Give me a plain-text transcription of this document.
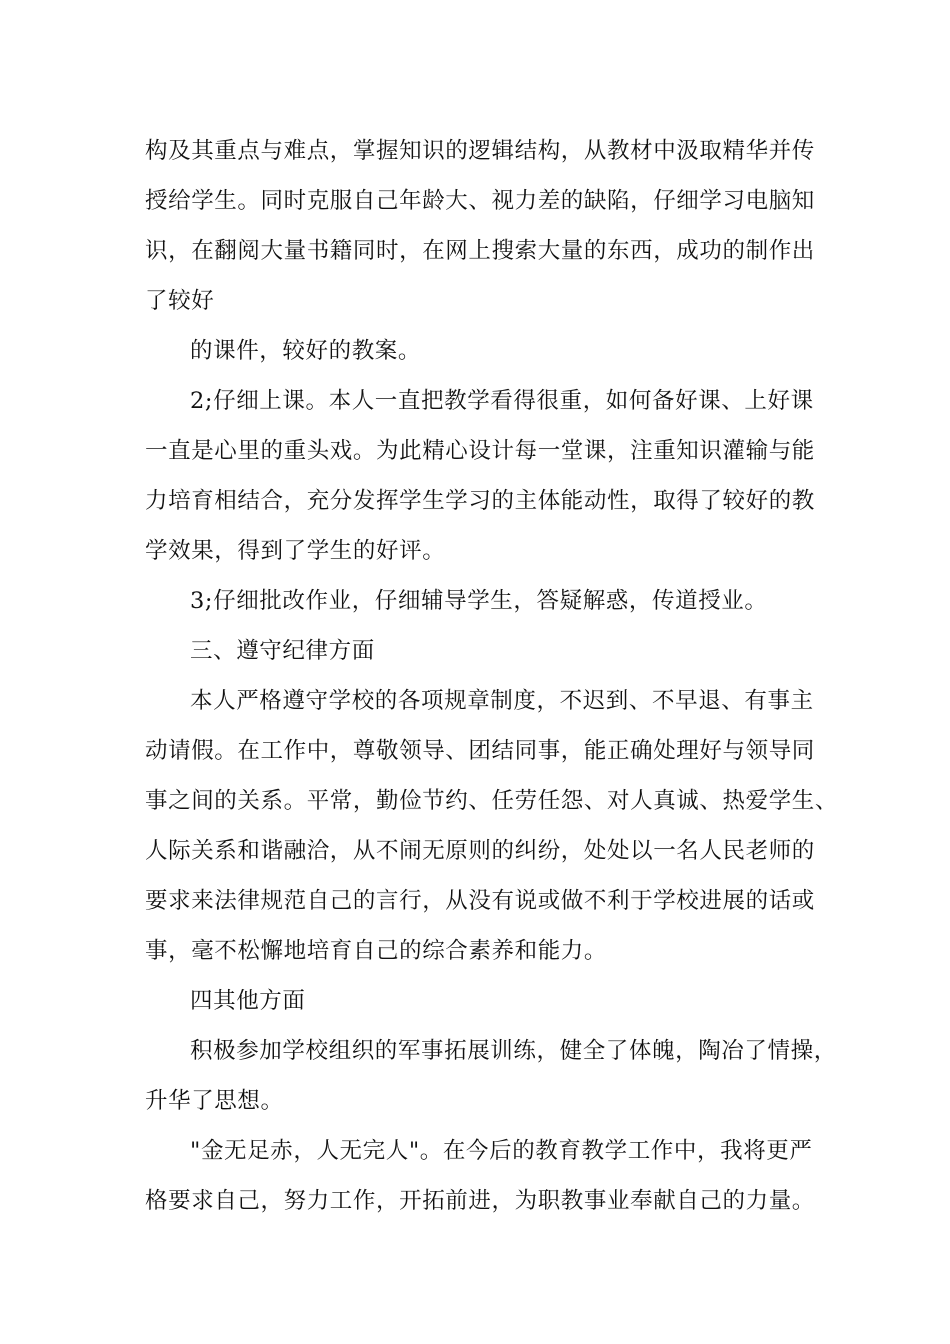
构及其重点与难点，掌握知识的逻辑结构，从教材中汲取精华并传
授给学生。同时克服自己年龄大、视力差的缺陷，仔细学习电脑知
识，在翻阅大量书籍同时，在网上搜索大量的东西，成功的制作出
了较好
的课件，较好的教案。
2;仔细上课。本人一直把教学看得很重，如何备好课、上好课
一直是心里的重头戏。为此精心设计每一堂课，注重知识灌输与能
力培育相结合，充分发挥学生学习的主体能动性，取得了较好的教
学效果，得到了学生的好评。
3;仔细批改作业，仔细辅导学生，答疑解惑，传道授业。
三、遵守纪律方面
本人严格遵守学校的各项规章制度，不迟到、不早退、有事主
动请假。在工作中，尊敬领导、团结同事，能正确处理好与领导同
事之间的关系。平常，勤俭节约、任劳任怨、对人真诚、热爱学生、
人际关系和谐融洽，从不闹无原则的纠纷，处处以一名人民老师的
要求来法律规范自己的言行，从没有说或做不利于学校进展的话或
事，毫不松懈地培育自己的综合素养和能力。
四其他方面
积极参加学校组织的军事拓展训练，健全了体魄，陶冶了情操，
升华了思想。
"金无足赤，人无完人"。在今后的教育教学工作中，我将更严
格要求自己，努力工作，开拓前进，为职教事业奉献自己的力量。
